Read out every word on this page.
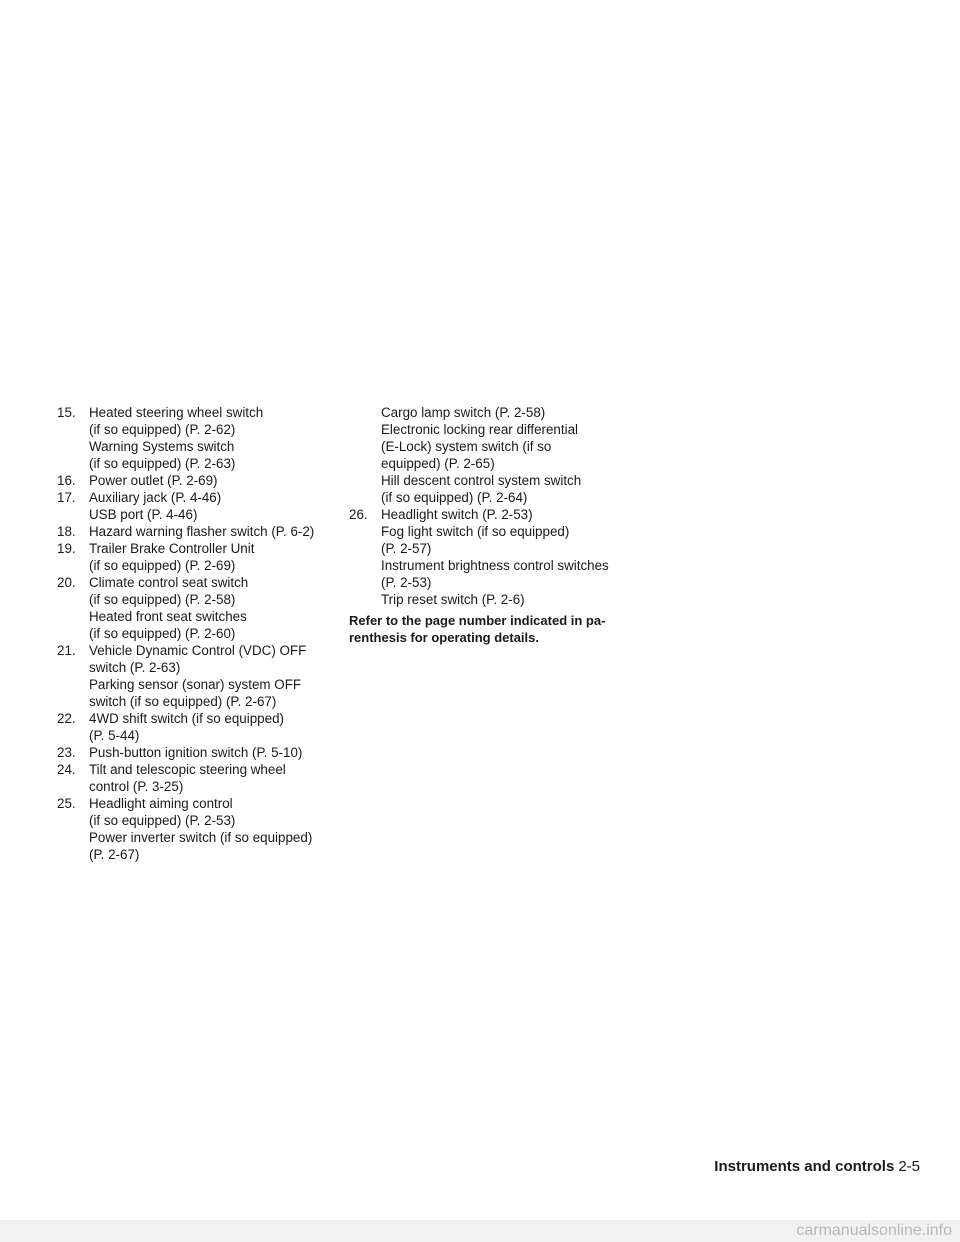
15. Heated steering wheel switch
(if so equipped) (P. 2-62)
Warning Systems switch
(if so equipped) (P. 2-63)
16. Power outlet (P. 2-69)
17. Auxiliary jack (P. 4-46)
USB port (P. 4-46)
18. Hazard warning flasher switch (P. 6-2)
19. Trailer Brake Controller Unit
(if so equipped) (P. 2-69)
20. Climate control seat switch
(if so equipped) (P. 2-58)
Heated front seat switches
(if so equipped) (P. 2-60)
21. Vehicle Dynamic Control (VDC) OFF
switch (P. 2-63)
Parking sensor (sonar) system OFF
switch (if so equipped) (P. 2-67)
22. 4WD shift switch (if so equipped)
(P. 5-44)
23. Push-button ignition switch (P. 5-10)
24. Tilt and telescopic steering wheel
control (P. 3-25)
25. Headlight aiming control
(if so equipped) (P. 2-53)
Power inverter switch (if so equipped)
(P. 2-67)
Cargo lamp switch (P. 2-58)
Electronic locking rear differential
(E-Lock) system switch (if so
equipped) (P. 2-65)
Hill descent control system switch
(if so equipped) (P. 2-64)
26. Headlight switch (P. 2-53)
Fog light switch (if so equipped)
(P. 2-57)
Instrument brightness control switches
(P. 2-53)
Trip reset switch (P. 2-6)
Refer to the page number indicated in pa-
renthesis for operating details.
Instruments and controls 2-5
carmanualsonline.info
